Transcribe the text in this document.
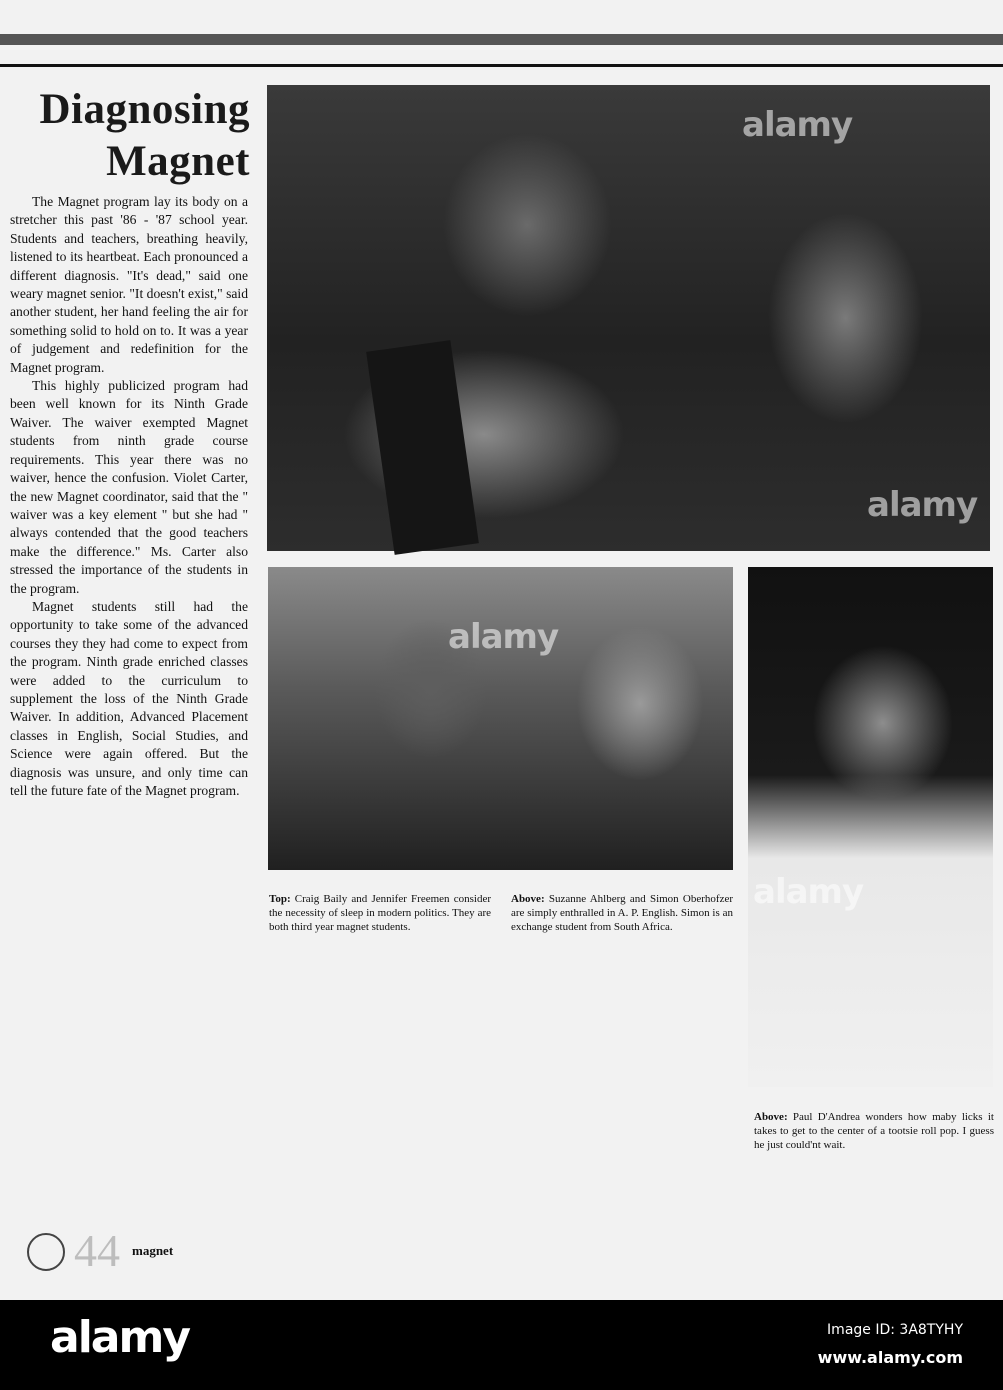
Diagnosing
Magnet

The Magnet program lay its body on a stretcher this past '86 - '87 school year. Students and teachers, breathing heavily, listened to its heartbeat. Each pronounced a different diagnosis. "It's dead," said one weary magnet senior. "It doesn't exist," said another student, her hand feeling the air for something solid to hold on to. It was a year of judgement and redefinition for the Magnet program.

This highly publicized program had been well known for its Ninth Grade Waiver. The waiver exempted Magnet students from ninth grade course requirements. This year there was no waiver, hence the confusion. Violet Carter, the new Magnet coordinator, said that the " waiver was a key element " but she had " always contended that the good teachers make the difference." Ms. Carter also stressed the importance of the students in the program.

Magnet students still had the opportunity to take some of the advanced courses they they had come to expect from the program. Ninth grade enriched classes were added to the curriculum to supplement the loss of the Ninth Grade Waiver. In addition, Advanced Placement classes in English, Social Studies, and Science were again offered. But the diagnosis was unsure, and only time can tell the future fate of the Magnet program.

alamy
alamy
alamy
alamy
Top: Craig Baily and Jennifer Freemen consider the necessity of sleep in modern politics. They are both third year magnet students.
Above: Suzanne Ahlberg and Simon Oberhofzer are simply enthralled in A. P. English. Simon is an exchange student from South Africa.
Above: Paul D'Andrea wonders how maby licks it takes to get to the center of a tootsie roll pop. I guess he just could'nt wait.
44 magnet
alamy	Image ID: 3A8TYHY
www.alamy.com
